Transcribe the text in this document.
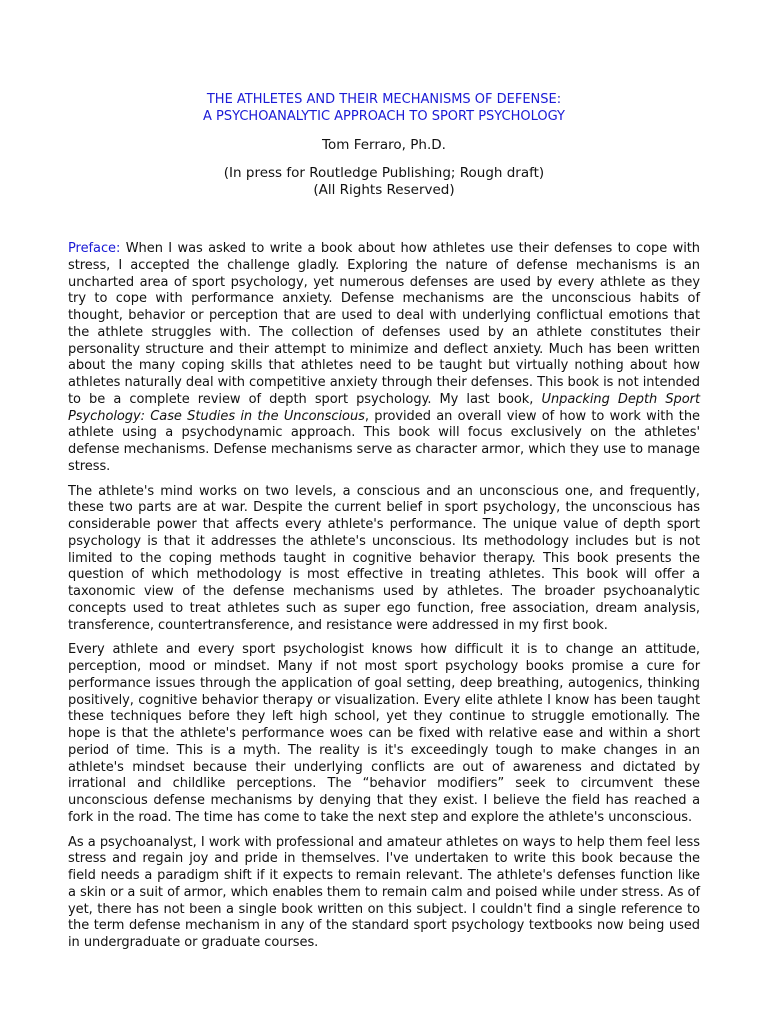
THE ATHLETES AND THEIR MECHANISMS OF DEFENSE:
A PSYCHOANALYTIC APPROACH TO SPORT PSYCHOLOGY
Tom Ferraro, Ph.D.
(In press for Routledge Publishing; Rough draft)
(All Rights Reserved)

Preface: When I was asked to write a book about how athletes use their defenses to cope with stress, I accepted the challenge gladly. Exploring the nature of defense mechanisms is an uncharted area of sport psychology, yet numerous defenses are used by every athlete as they try to cope with performance anxiety. Defense mechanisms are the unconscious habits of thought, behavior or perception that are used to deal with underlying conflictual emotions that the athlete struggles with. The collection of defenses used by an athlete constitutes their personality structure and their attempt to minimize and deflect anxiety. Much has been written about the many coping skills that athletes need to be taught but virtually nothing about how athletes naturally deal with competitive anxiety through their defenses. This book is not intended to be a complete review of depth sport psychology. My last book, Unpacking Depth Sport Psychology: Case Studies in the Unconscious, provided an overall view of how to work with the athlete using a psychodynamic approach. This book will focus exclusively on the athletes' defense mechanisms. Defense mechanisms serve as character armor, which they use to manage stress.

The athlete's mind works on two levels, a conscious and an unconscious one, and frequently, these two parts are at war. Despite the current belief in sport psychology, the unconscious has considerable power that affects every athlete's performance. The unique value of depth sport psychology is that it addresses the athlete's unconscious. Its methodology includes but is not limited to the coping methods taught in cognitive behavior therapy. This book presents the question of which methodology is most effective in treating athletes. This book will offer a taxonomic view of the defense mechanisms used by athletes. The broader psychoanalytic concepts used to treat athletes such as super ego function, free association, dream analysis, transference, countertransference, and resistance were addressed in my first book.

Every athlete and every sport psychologist knows how difficult it is to change an attitude, perception, mood or mindset. Many if not most sport psychology books promise a cure for performance issues through the application of goal setting, deep breathing, autogenics, thinking positively, cognitive behavior therapy or visualization. Every elite athlete I know has been taught these techniques before they left high school, yet they continue to struggle emotionally. The hope is that the athlete's performance woes can be fixed with relative ease and within a short period of time. This is a myth. The reality is it's exceedingly tough to make changes in an athlete's mindset because their underlying conflicts are out of awareness and dictated by irrational and childlike perceptions. The “behavior modifiers” seek to circumvent these unconscious defense mechanisms by denying that they exist. I believe the field has reached a fork in the road. The time has come to take the next step and explore the athlete's unconscious.

As a psychoanalyst, I work with professional and amateur athletes on ways to help them feel less stress and regain joy and pride in themselves. I've undertaken to write this book because the field needs a paradigm shift if it expects to remain relevant. The athlete's defenses function like a skin or a suit of armor, which enables them to remain calm and poised while under stress. As of yet, there has not been a single book written on this subject. I couldn't find a single reference to the term defense mechanism in any of the standard sport psychology textbooks now being used in undergraduate or graduate courses.
